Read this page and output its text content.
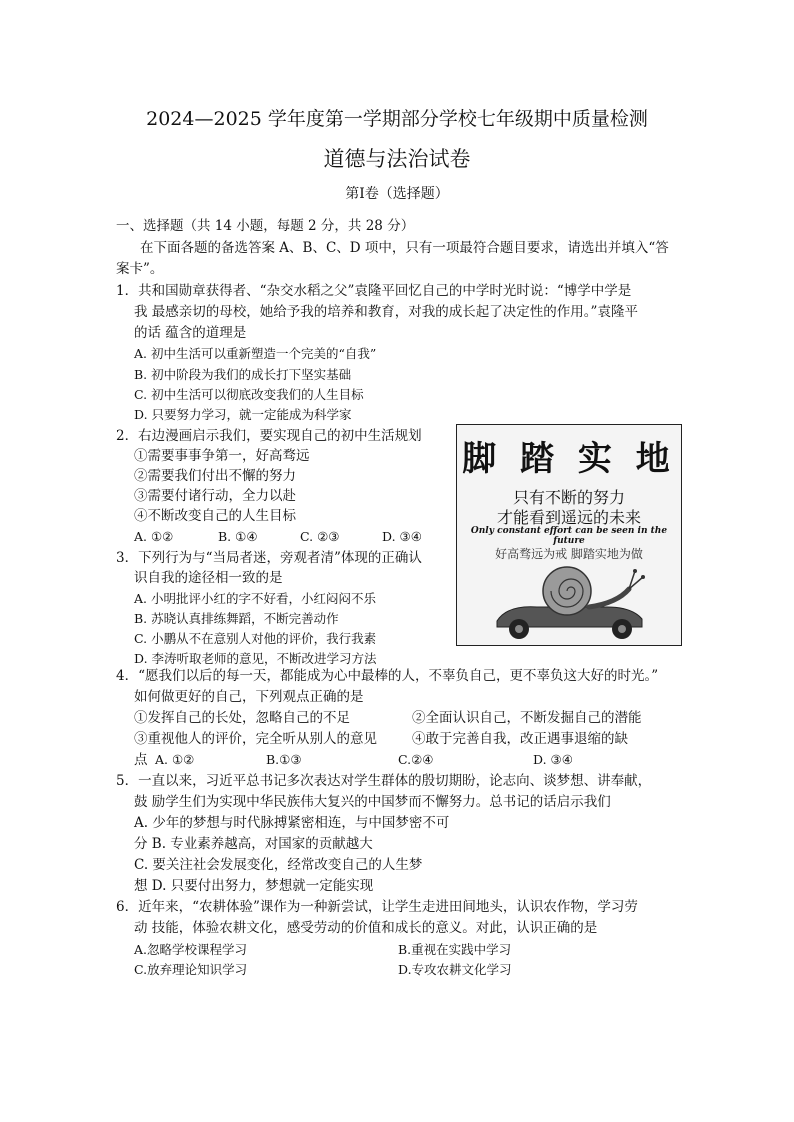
2024—2025 学年度第一学期部分学校七年级期中质量检测
道德与法治试卷
第Ⅰ卷（选择题）
一、选择题（共 14 小题，每题 2 分，共 28 分）
在下面各题的备选答案 A、B、C、D 项中，只有一项最符合题目要求，请选出并填入“答
案卡”。
1．共和国勋章获得者、“杂交水稻之父”袁隆平回忆自己的中学时光时说：“博学中学是
我 最感亲切的母校，她给予我的培养和教育，对我的成长起了决定性的作用。”袁隆平
的话 蕴含的道理是
A. 初中生活可以重新塑造一个完美的“自我”
B. 初中阶段为我们的成长打下坚实基础
C. 初中生活可以彻底改变我们的人生目标
D. 只要努力学习，就一定能成为科学家
2．右边漫画启示我们，要实现自己的初中生活规划
①需要事事争第一，好高骛远
②需要我们付出不懈的努力
③需要付诸行动，全力以赴
④不断改变自己的人生目标
A. ①②	B. ①④	C. ②③	D. ③④
3．下列行为与“当局者迷，旁观者清”体现的正确认
识自我的途径相一致的是
A. 小明批评小红的字不好看，小红闷闷不乐
B. 苏晓认真排练舞蹈，不断完善动作
C. 小鹏从不在意别人对他的评价，我行我素
D. 李涛听取老师的意见，不断改进学习方法
脚 踏 实 地
只有不断的努力
才能看到遥远的未来
Only constant effort can be seen in the future
好高骛远为戒 脚踏实地为做
4．“愿我们以后的每一天，都能成为心中最棒的人，不辜负自己，更不辜负这大好的时光。”
如何做更好的自己，下列观点正确的是
①发挥自己的长处，忽略自己的不足	②全面认识自己，不断发掘自己的潜能
③重视他人的评价，完全听从别人的意见	④敢于完善自我，改正遇事退缩的缺
点 A. ①②	B.①③	C.②④	D. ③④
5．一直以来，习近平总书记多次表达对学生群体的殷切期盼，论志向、谈梦想、讲奉献，
鼓 励学生们为实现中华民族伟大复兴的中国梦而不懈努力。总书记的话启示我们
A. 少年的梦想与时代脉搏紧密相连，与中国梦密不可
分 B. 专业素养越高，对国家的贡献越大
C. 要关注社会发展变化，经常改变自己的人生梦
想 D. 只要付出努力，梦想就一定能实现
6．近年来，“农耕体验”课作为一种新尝试，让学生走进田间地头，认识农作物，学习劳
动 技能，体验农耕文化，感受劳动的价值和成长的意义。对此，认识正确的是
A.忽略学校课程学习	B.重视在实践中学习
C.放弃理论知识学习	D.专攻农耕文化学习
